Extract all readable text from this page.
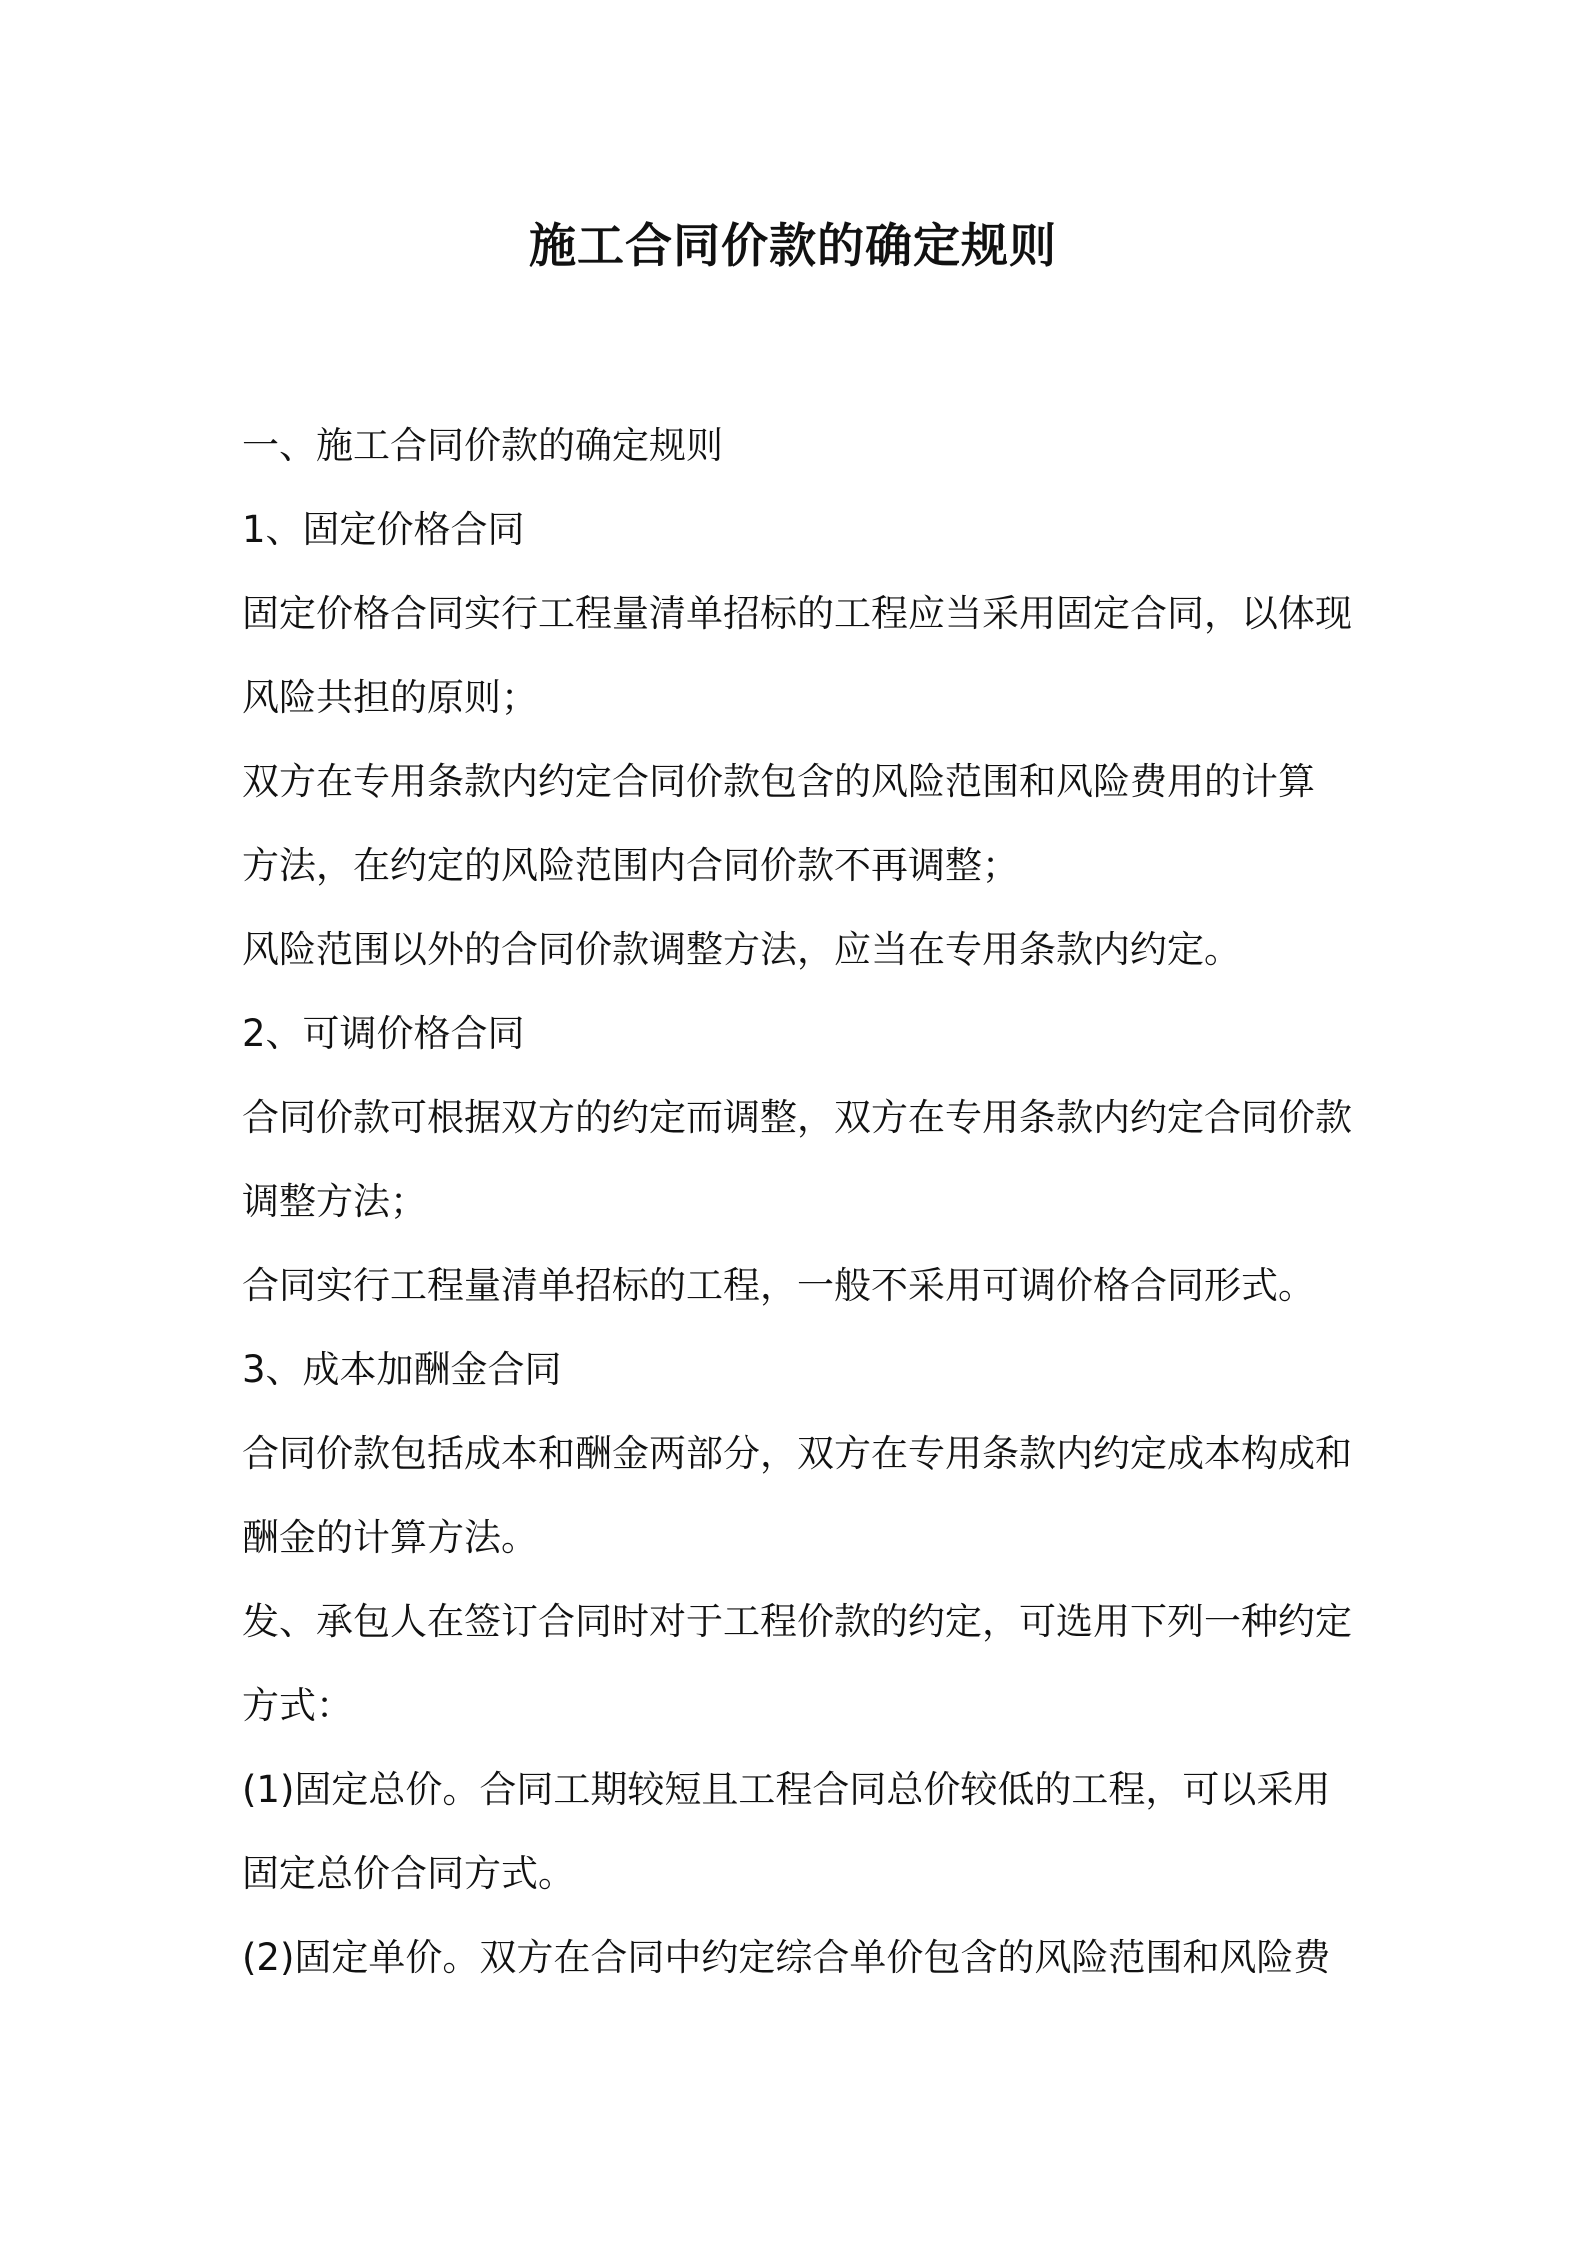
施工合同价款的确定规则

一、施工合同价款的确定规则

1、固定价格合同

固定价格合同实行工程量清单招标的工程应当采用固定合同，以体现

风险共担的原则；

双方在专用条款内约定合同价款包含的风险范围和风险费用的计算

方法，在约定的风险范围内合同价款不再调整；

风险范围以外的合同价款调整方法，应当在专用条款内约定。

2、可调价格合同

合同价款可根据双方的约定而调整，双方在专用条款内约定合同价款

调整方法；

合同实行工程量清单招标的工程，一般不采用可调价格合同形式。

3、成本加酬金合同

合同价款包括成本和酬金两部分，双方在专用条款内约定成本构成和

酬金的计算方法。

发、承包人在签订合同时对于工程价款的约定，可选用下列一种约定

方式：

(1)固定总价。合同工期较短且工程合同总价较低的工程，可以采用

固定总价合同方式。

(2)固定单价。双方在合同中约定综合单价包含的风险范围和风险费
